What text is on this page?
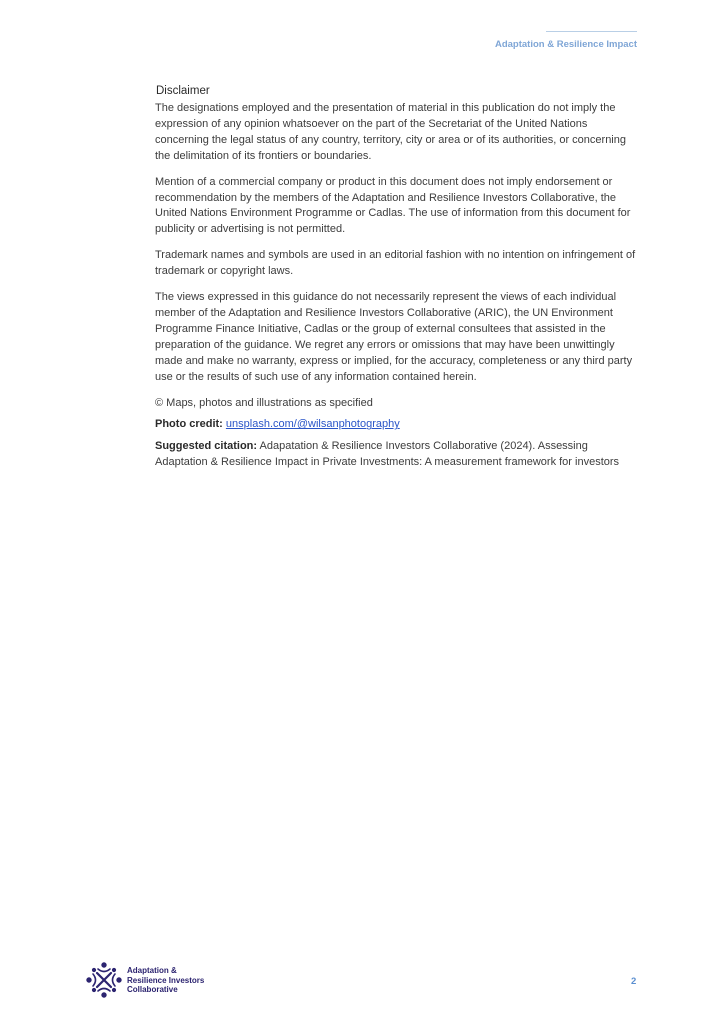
Adaptation & Resilience Impact
Disclaimer

The designations employed and the presentation of material in this publication do not imply the expression of any opinion whatsoever on the part of the Secretariat of the United Nations concerning the legal status of any country, territory, city or area or of its authorities, or concerning the delimitation of its frontiers or boundaries.

Mention of a commercial company or product in this document does not imply endorsement or recommendation by the members of the Adaptation and Resilience Investors Collaborative, the United Nations Environment Programme or Cadlas. The use of information from this document for publicity or advertising is not permitted.

Trademark names and symbols are used in an editorial fashion with no intention on infringement of trademark or copyright laws.

The views expressed in this guidance do not necessarily represent the views of each individual member of the Adaptation and Resilience Investors Collaborative (ARIC), the UN Environment Programme Finance Initiative, Cadlas or the group of external consultees that assisted in the preparation of the guidance. We regret any errors or omissions that may have been unwittingly made and make no warranty, express or implied, for the accuracy, completeness or any third party use or the results of such use of any information contained herein.

© Maps, photos and illustrations as specified

Photo credit: unsplash.com/@wilsanphotography

Suggested citation: Adapatation & Resilience Investors Collaborative (2024). Assessing Adaptation & Resilience Impact in Private Investments: A measurement framework for investors

Adaptation &
Resilience Investors
Collaborative
2
